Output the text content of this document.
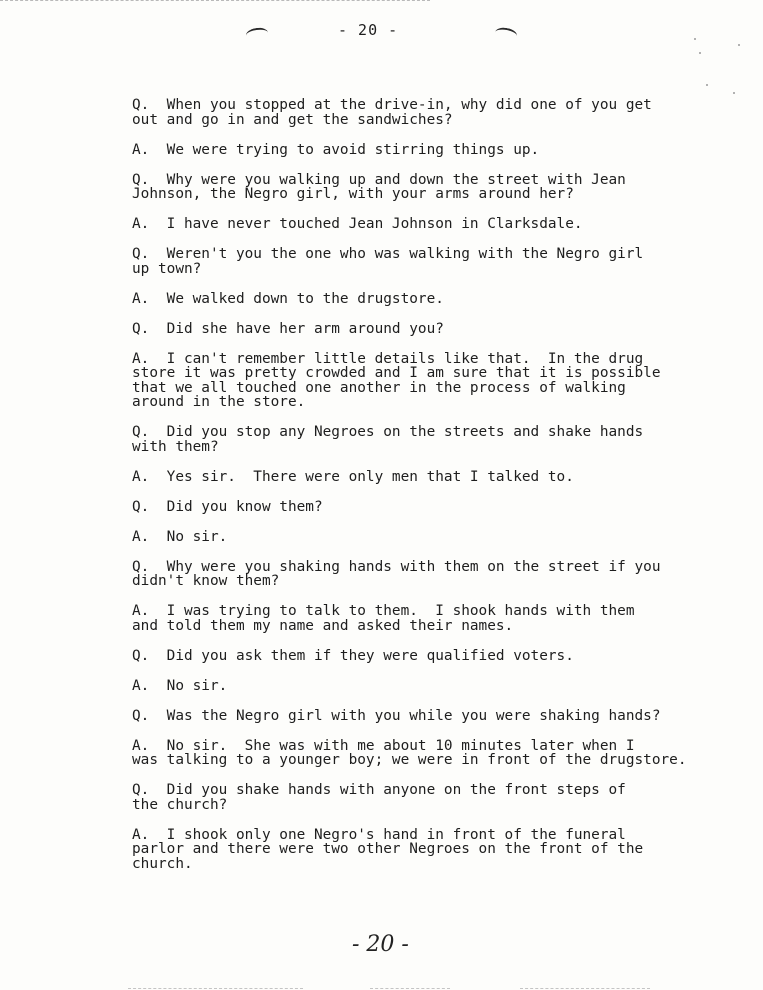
- 20 -
Q. When you stopped at the drive-in, why did one of you get
out and go in and get the sandwiches?
A. We were trying to avoid stirring things up.
Q. Why were you walking up and down the street with Jean
Johnson, the Negro girl, with your arms around her?
A. I have never touched Jean Johnson in Clarksdale.
Q. Weren't you the one who was walking with the Negro girl
up town?
A. We walked down to the drugstore.
Q. Did she have her arm around you?
A. I can't remember little details like that.  In the drug
store it was pretty crowded and I am sure that it is possible
that we all touched one another in the process of walking
around in the store.
Q. Did you stop any Negroes on the streets and shake hands
with them?
A. Yes sir.  There were only men that I talked to.
Q. Did you know them?
A. No sir.
Q. Why were you shaking hands with them on the street if you
didn't know them?
A. I was trying to talk to them.  I shook hands with them
and told them my name and asked their names.
Q. Did you ask them if they were qualified voters.
A. No sir.
Q. Was the Negro girl with you while you were shaking hands?
A. No sir.  She was with me about 10 minutes later when I
was talking to a younger boy; we were in front of the drugstore.
Q. Did you shake hands with anyone on the front steps of
the church?
A. I shook only one Negro's hand in front of the funeral
parlor and there were two other Negroes on the front of the
church.
- 20 -
